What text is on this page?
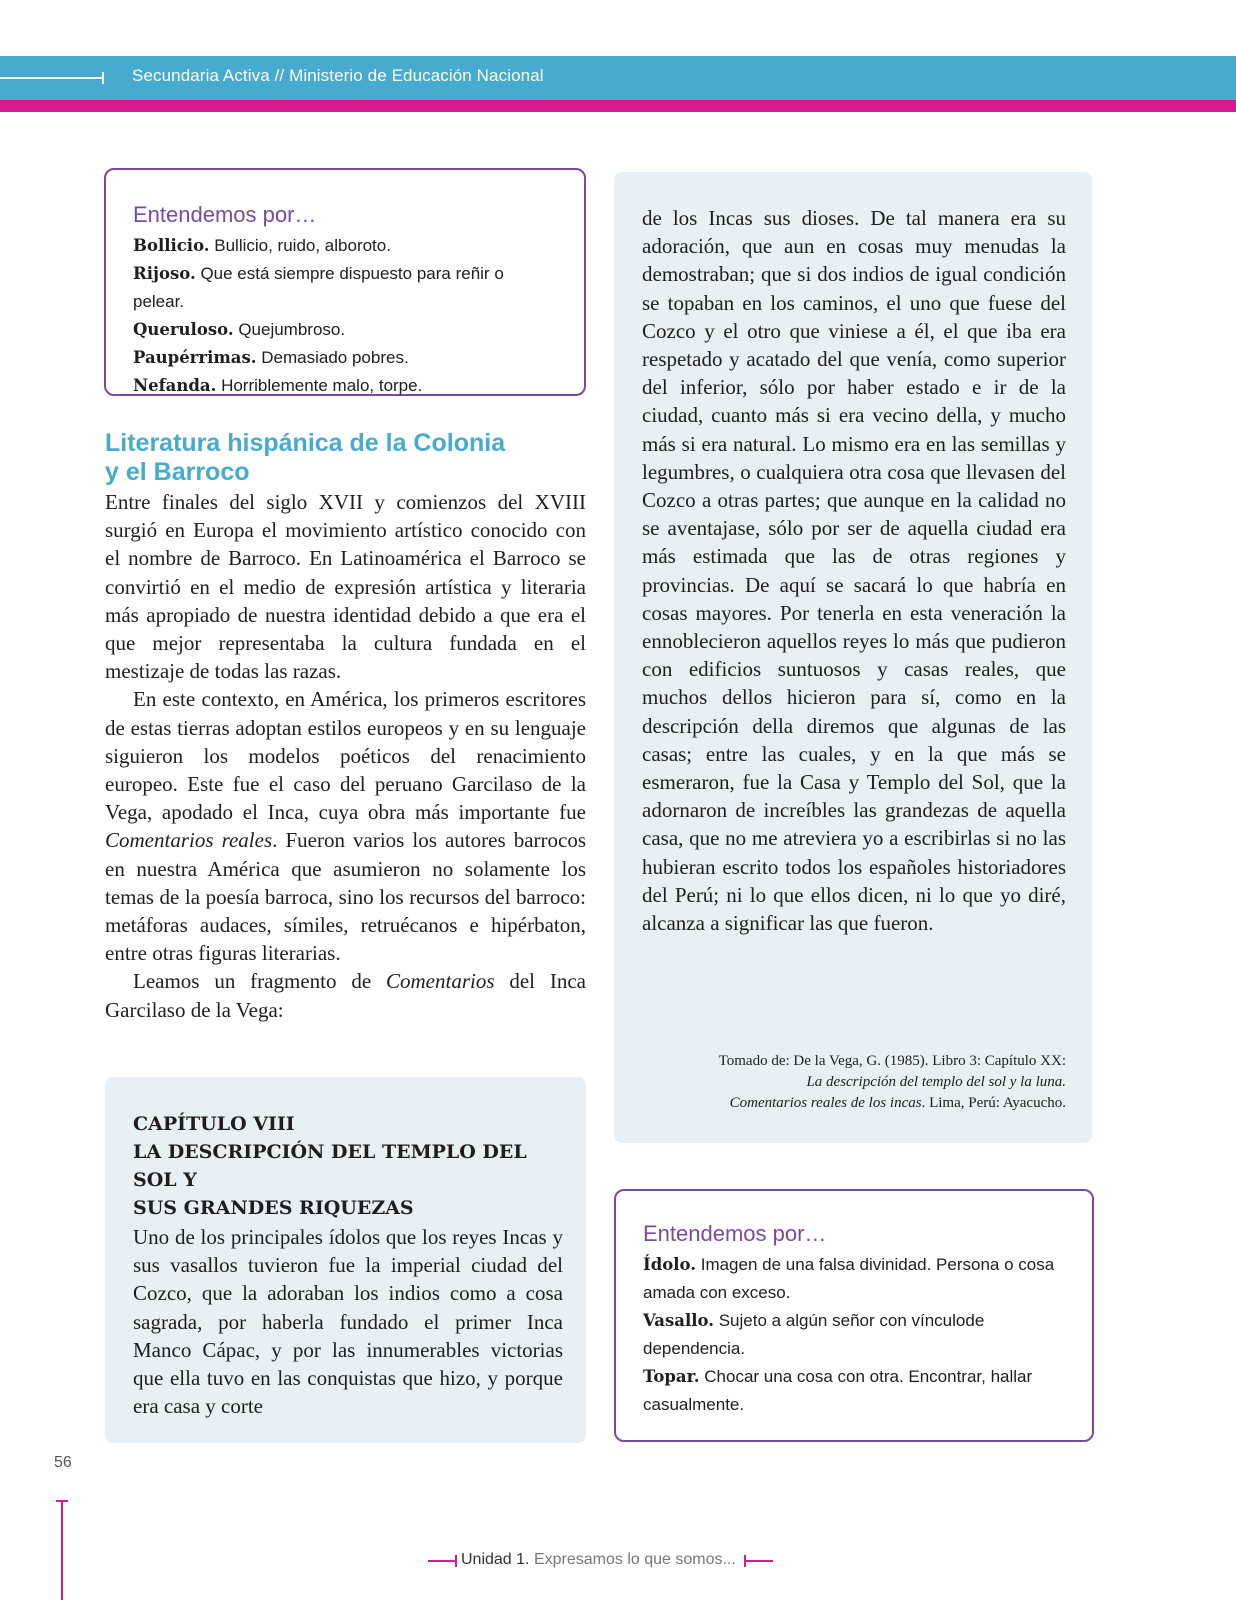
Secundaria Activa // Ministerio de Educación Nacional
Entendemos por…

Bollicio. Bullicio, ruido, alboroto.

Rijoso. Que está siempre dispuesto para reñir o pelear.

Queruloso. Quejumbroso.

Paupérrimas. Demasiado pobres.

Nefanda. Horriblemente malo, torpe.

Literatura hispánica de la Colonia
y el Barroco

Entre finales del siglo XVII y comienzos del XVIII surgió en Europa el movimiento artístico conocido con el nombre de Barroco. En Latinoamérica el Barroco se convirtió en el medio de expresión artística y literaria más apropiado de nuestra identidad debido a que era el que mejor representaba la cultura fundada en el mestizaje de todas las razas.

En este contexto, en América, los primeros escritores de estas tierras adoptan estilos europeos y en su lenguaje siguieron los modelos poéticos del renacimiento europeo. Este fue el caso del peruano Garcilaso de la Vega, apodado el Inca, cuya obra más importante fue Comentarios reales. Fueron varios los autores barrocos en nuestra América que asumieron no solamente los temas de la poesía barroca, sino los recursos del barroco: metáforas audaces, símiles, retruécanos e hipérbaton, entre otras figuras literarias.

Leamos un fragmento de Comentarios del Inca Garcilaso de la Vega:

CAPÍTULO VIII

LA DESCRIPCIÓN DEL TEMPLO DEL SOL Y

SUS GRANDES RIQUEZAS

Uno de los principales ídolos que los reyes Incas y sus vasallos tuvieron fue la imperial ciudad del Cozco, que la adoraban los indios como a cosa sagrada, por haberla fundado el primer Inca Manco Cápac, y por las innumerables victorias que ella tuvo en las conquistas que hizo, y porque era casa y corte

de los Incas sus dioses. De tal manera era su adoración, que aun en cosas muy menudas la demostraban; que si dos indios de igual condición se topaban en los caminos, el uno que fuese del Cozco y el otro que viniese a él, el que iba era respetado y acatado del que venía, como superior del inferior, sólo por haber estado e ir de la ciudad, cuanto más si era vecino della, y mucho más si era natural. Lo mismo era en las semillas y legumbres, o cualquiera otra cosa que llevasen del Cozco a otras partes; que aunque en la calidad no se aventajase, sólo por ser de aquella ciudad era más estimada que las de otras regiones y provincias. De aquí se sacará lo que habría en cosas mayores. Por tenerla en esta veneración la ennoblecieron aquellos reyes lo más que pudieron con edificios suntuosos y casas reales, que muchos dellos hicieron para sí, como en la descripción della diremos que algunas de las casas; entre las cuales, y en la que más se esmeraron, fue la Casa y Templo del Sol, que la adornaron de increíbles las grandezas de aquella casa, que no me atreviera yo a escribirlas si no las hubieran escrito todos los españoles historiadores del Perú; ni lo que ellos dicen, ni lo que yo diré, alcanza a significar las que fueron.

Tomado de: De la Vega, G. (1985). Libro 3: Capítulo XX:

La descripción del templo del sol y la luna.

Comentarios reales de los incas. Lima, Perú: Ayacucho.

Entendemos por…

Ídolo. Imagen de una falsa divinidad. Persona o cosa amada con exceso.

Vasallo. Sujeto a algún señor con vínculode dependencia.

Topar. Chocar una cosa con otra. Encontrar, hallar casualmente.

56
Unidad 1. Expresamos lo que somos...
